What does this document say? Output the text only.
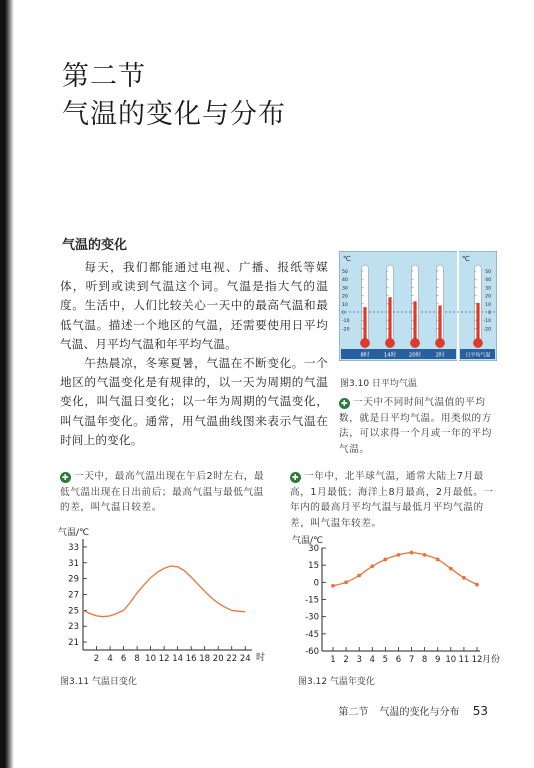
第二节
气温的变化与分布
气温的变化

每天，我们都能通过电视、广播、报纸等媒体，听到或读到气温这个词。气温是指大气的温度。生活中，人们比较关心一天中的最高气温和最低气温。描述一个地区的气温，还需要使用日平均气温、月平均气温和年平均气温。

午热晨凉，冬寒夏暑，气温在不断变化。一个地区的气温变化是有规律的，以一天为周期的气温变化，叫气温日变化；以一年为周期的气温变化，叫气温年变化。通常，用气温曲线图来表示气温在时间上的变化。

℃	℃
50
40
30
20
10
0
-10
-20
50
40
30
20
10
0
-10
-20
8时	14时 20时	2时	日平均气温
图3.10 日平均气温
✚ 一天中不同时间气温值的平均数，就是日平均气温。用类似的方法，可以求得一个月或一年的平均气温。
✚ 一天中，最高气温出现在午后2时左右，最低气温出现在日出前后；最高气温与最低气温的差，叫气温日较差。
✚ 一年中，北半球气温，通常大陆上7月最高，1月最低；海洋上8月最高，2月最低。一年内的最高月平均气温与最低月平均气温的差，叫气温年较差。
气温/℃
21
23
25
27
29
31
33
2 4 6 8 10 12 14 16 18 20 22 24 时
图3.11 气温日变化
气温/℃
-60
-45
-30
-15
0
15
30
1 2 3 4 5 6 7 8 9 10 11 12 月份
图3.12 气温年变化
第二节 气温的变化与分布 53
